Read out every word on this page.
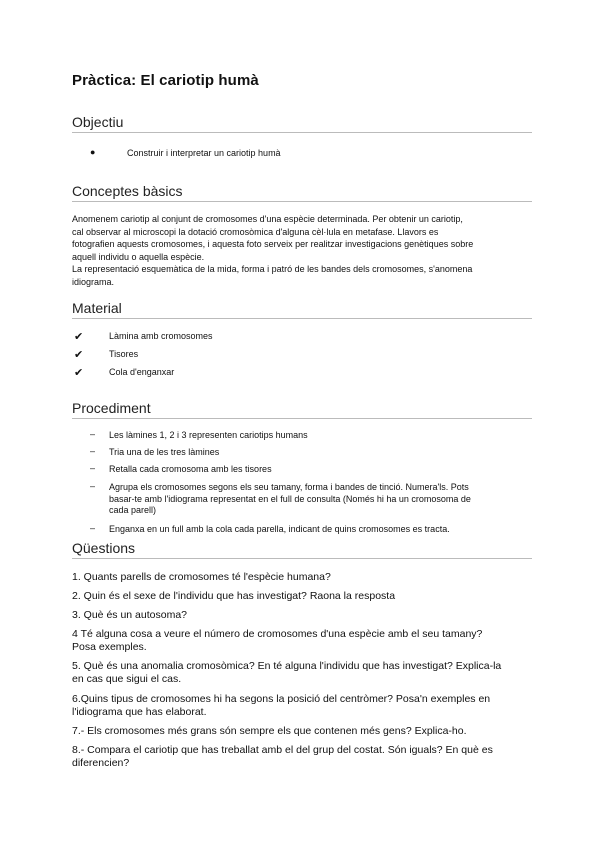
Pràctica: El cariotip humà
Objectiu
●	Construir i interpretar un cariotip humà
Conceptes bàsics
Anomenem cariotip al conjunt de cromosomes d'una espècie determinada. Per obtenir un cariotip,
cal observar al microscopi la dotació cromosòmica d'alguna cèl·lula en metafase. Llavors es
fotografien aquests cromosomes, i aquesta foto serveix per realitzar investigacions genètiques sobre
aquell individu o aquella espècie.
La representació esquemàtica de la mida, forma i patró de les bandes dels cromosomes, s'anomena
idiograma.
Material
✔	Làmina amb cromosomes
✔	Tisores
✔	Cola d'enganxar
Procediment
– Les làmines 1, 2 i 3 representen cariotips humans
– Tria una de les tres làmines
– Retalla cada cromosoma amb les tisores
– Agrupa els cromosomes segons els seu tamany, forma i bandes de tinció. Numera'ls. Pots
basar-te amb l'idiograma representat en el full de consulta (Només hi ha un cromosoma de
cada parell)
– Enganxa en un full amb la cola cada parella, indicant de quins cromosomes es tracta.
Qüestions
1. Quants parells de cromosomes té l'espècie humana?
2. Quin és el sexe de l'individu que has investigat? Raona la resposta
3. Què és un autosoma?
4 Té alguna cosa a veure el número de cromosomes d'una espècie amb el seu tamany?
Posa exemples.
5. Què és una anomalia cromosòmica? En té alguna l'individu que has investigat? Explica-la
en cas que sigui el cas.
6.Quins tipus de cromosomes hi ha segons la posició del centròmer? Posa'n exemples en
l'idiograma que has elaborat.
7.- Els cromosomes més grans són sempre els que contenen més gens? Explica-ho.
8.- Compara el cariotip que has treballat amb el del grup del costat. Són iguals? En què es
diferencien?
